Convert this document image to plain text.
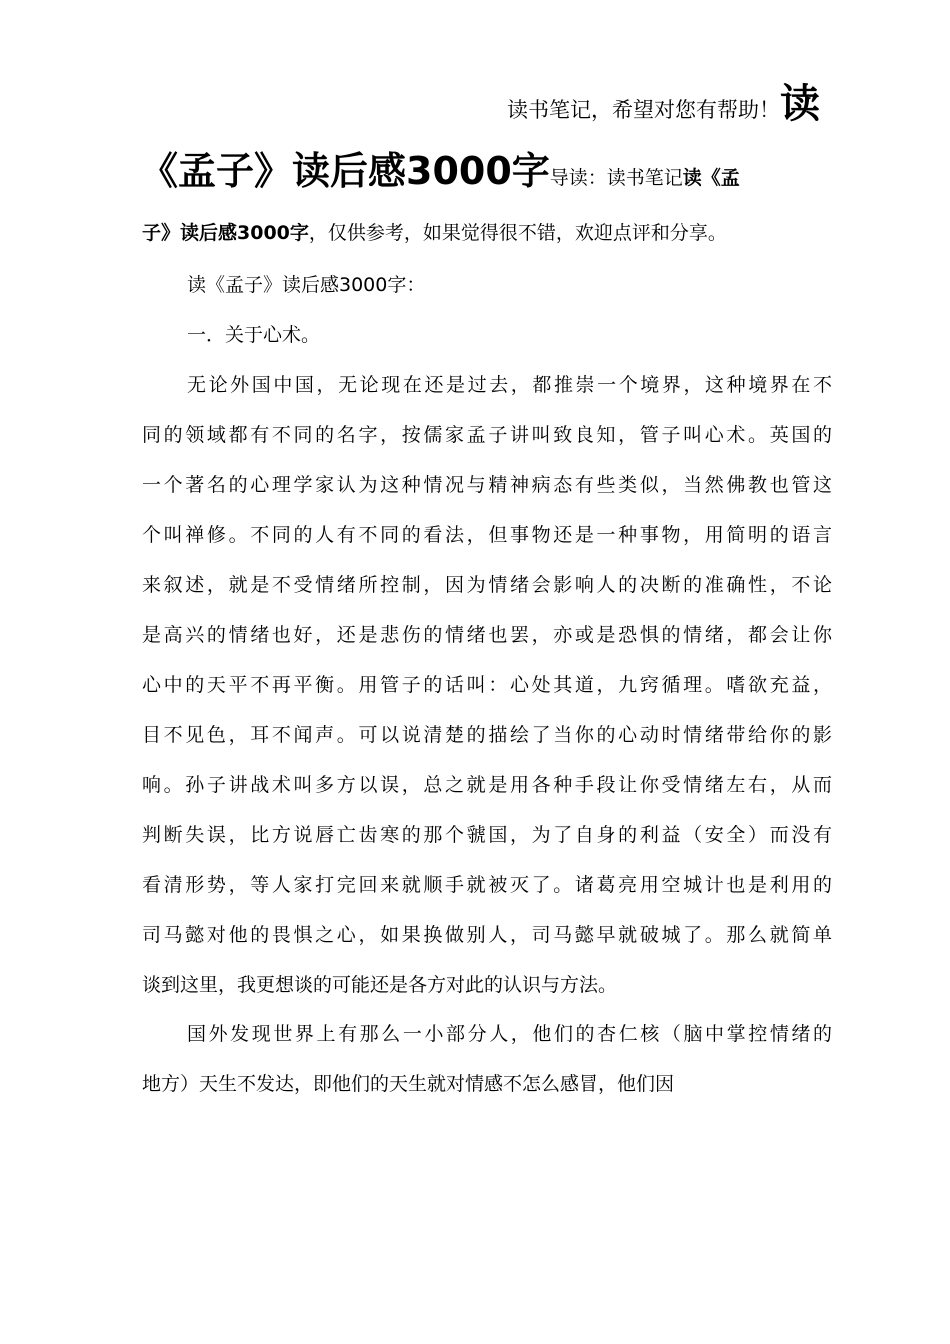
读书笔记，希望对您有帮助！读
《孟子》读后感3000字导读：读书笔记读《孟
子》读后感3000字，仅供参考，如果觉得很不错，欢迎点评和分享。
读《孟子》读后感3000字：
一．关于心术。
无论外国中国，无论现在还是过去，都推崇一个境界，这种境界在不
同的领域都有不同的名字，按儒家孟子讲叫致良知，管子叫心术。英国的
一个著名的心理学家认为这种情况与精神病态有些类似，当然佛教也管这
个叫禅修。不同的人有不同的看法，但事物还是一种事物，用简明的语言
来叙述，就是不受情绪所控制，因为情绪会影响人的决断的准确性，不论
是高兴的情绪也好，还是悲伤的情绪也罢，亦或是恐惧的情绪，都会让你
心中的天平不再平衡。用管子的话叫：心处其道，九窍循理。嗜欲充益，
目不见色，耳不闻声。可以说清楚的描绘了当你的心动时情绪带给你的影
响。孙子讲战术叫多方以误，总之就是用各种手段让你受情绪左右，从而
判断失误，比方说唇亡齿寒的那个虢国，为了自身的利益（安全）而没有
看清形势，等人家打完回来就顺手就被灭了。诸葛亮用空城计也是利用的
司马懿对他的畏惧之心，如果换做别人，司马懿早就破城了。那么就简单
谈到这里，我更想谈的可能还是各方对此的认识与方法。
国外发现世界上有那么一小部分人，他们的杏仁核（脑中掌控情绪的
地方）天生不发达，即他们的天生就对情感不怎么感冒，他们因
